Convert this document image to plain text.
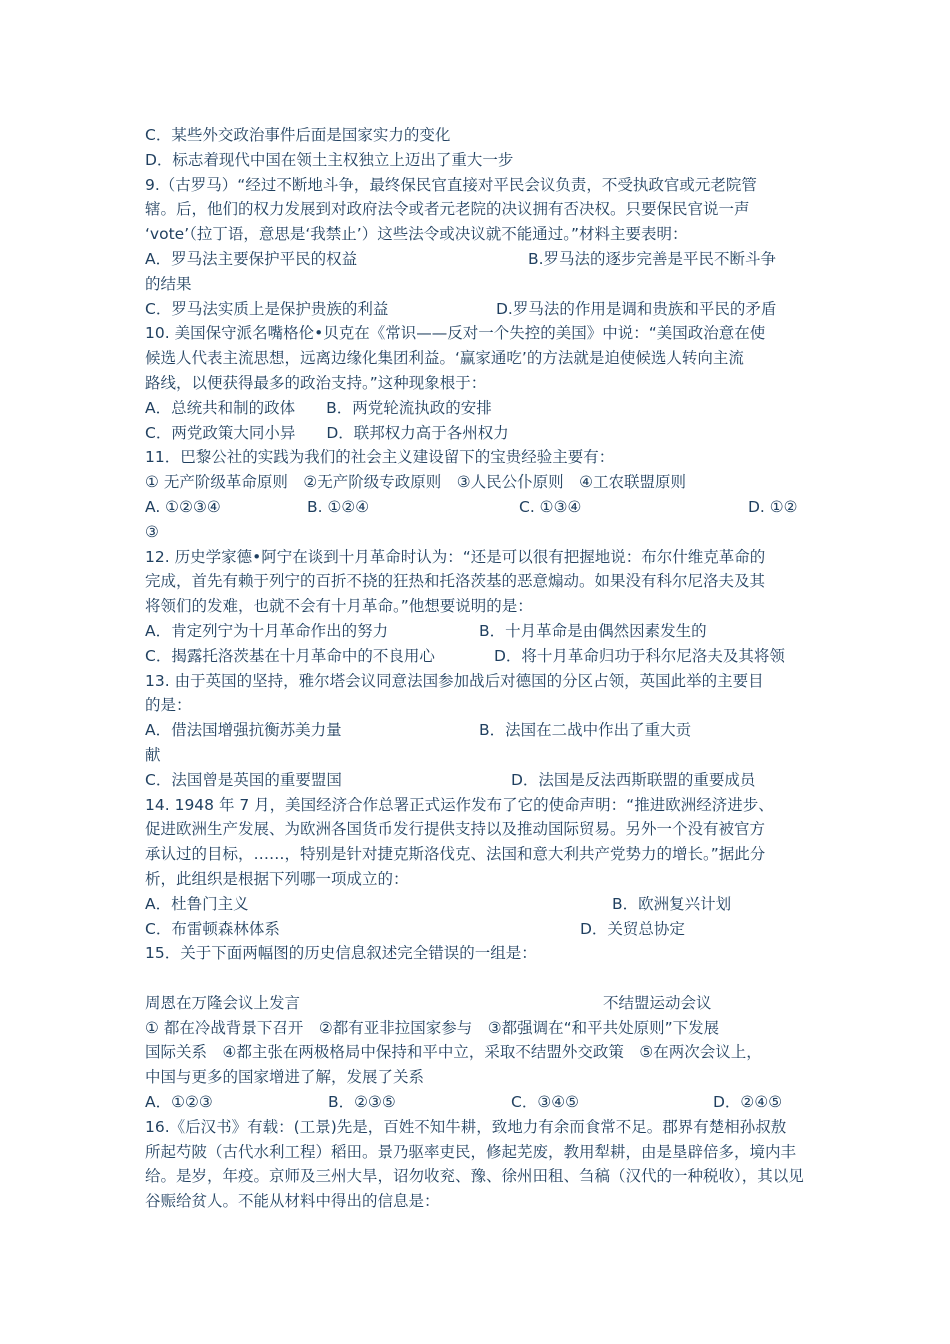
C．某些外交政治事件后面是国家实力的变化
D．标志着现代中国在领土主权独立上迈出了重大一步
9.（古罗马）“经过不断地斗争，最终保民官直接对平民会议负责，不受执政官或元老院管
辖。后，他们的权力发展到对政府法令或者元老院的决议拥有否决权。只要保民官说一声
‘vote’（拉丁语，意思是‘我禁止’）这些法令或决议就不能通过。”材料主要表明：
A．罗马法主要保护平民的权益	B.罗马法的逐步完善是平民不断斗争
的结果
C．罗马法实质上是保护贵族的利益	D.罗马法的作用是调和贵族和平民的矛盾
10. 美国保守派名嘴格伦•贝克在《常识——反对一个失控的美国》中说：“美国政治意在使
候选人代表主流思想，远离边缘化集团利益。‘赢家通吃’的方法就是迫使候选人转向主流
路线，以便获得最多的政治支持。”这种现象根于：
A．总统共和制的政体　　B．两党轮流执政的安排
C．两党政策大同小异　　D．联邦权力高于各州权力
11．巴黎公社的实践为我们的社会主义建设留下的宝贵经验主要有：
① 无产阶级革命原则　②无产阶级专政原则　③人民公仆原则　④工农联盟原则
A. ①②③④	B. ①②④	C. ①③④	D. ①②
③
12. 历史学家德•阿宁在谈到十月革命时认为：“还是可以很有把握地说：布尔什维克革命的
完成，首先有赖于列宁的百折不挠的狂热和托洛茨基的恶意煽动。如果没有科尔尼洛夫及其
将领们的发难，也就不会有十月革命。”他想要说明的是：
A．肯定列宁为十月革命作出的努力	B．十月革命是由偶然因素发生的
C．揭露托洛茨基在十月革命中的不良用心	D．将十月革命归功于科尔尼洛夫及其将领
13. 由于英国的坚持，雅尔塔会议同意法国参加战后对德国的分区占领，英国此举的主要目
的是：
A．借法国增强抗衡苏美力量	B．法国在二战中作出了重大贡
献
C．法国曾是英国的重要盟国	D．法国是反法西斯联盟的重要成员
14. 1948 年 7 月，美国经济合作总署正式运作发布了它的使命声明：“推进欧洲经济进步、
促进欧洲生产发展、为欧洲各国货币发行提供支持以及推动国际贸易。另外一个没有被官方
承认过的目标，……，特别是针对捷克斯洛伐克、法国和意大利共产党势力的增长。”据此分
析，此组织是根据下列哪一项成立的：
A．杜鲁门主义	B．欧洲复兴计划
C．布雷顿森林体系	D．关贸总协定
15．关于下面两幅图的历史信息叙述完全错误的一组是：
周恩在万隆会议上发言	不结盟运动会议
① 都在冷战背景下召开　②都有亚非拉国家参与　③都强调在“和平共处原则”下发展
国际关系　④都主张在两极格局中保持和平中立，采取不结盟外交政策　⑤在两次会议上，
中国与更多的国家增进了解，发展了关系
A．①②③	B．②③⑤	C．③④⑤	D．②④⑤
16.《后汉书》有载：(工景)先是，百姓不知牛耕，致地力有余而食常不足。郡界有楚相孙叔敖
所起芍陂（古代水利工程）稻田。景乃驱率吏民，修起芜废，教用犁耕，由是垦辟倍多，境内丰
给。是岁，年疫。京师及三州大旱，诏勿收兖、豫、徐州田租、刍稿（汉代的一种税收），其以见
谷赈给贫人。不能从材料中得出的信息是：
